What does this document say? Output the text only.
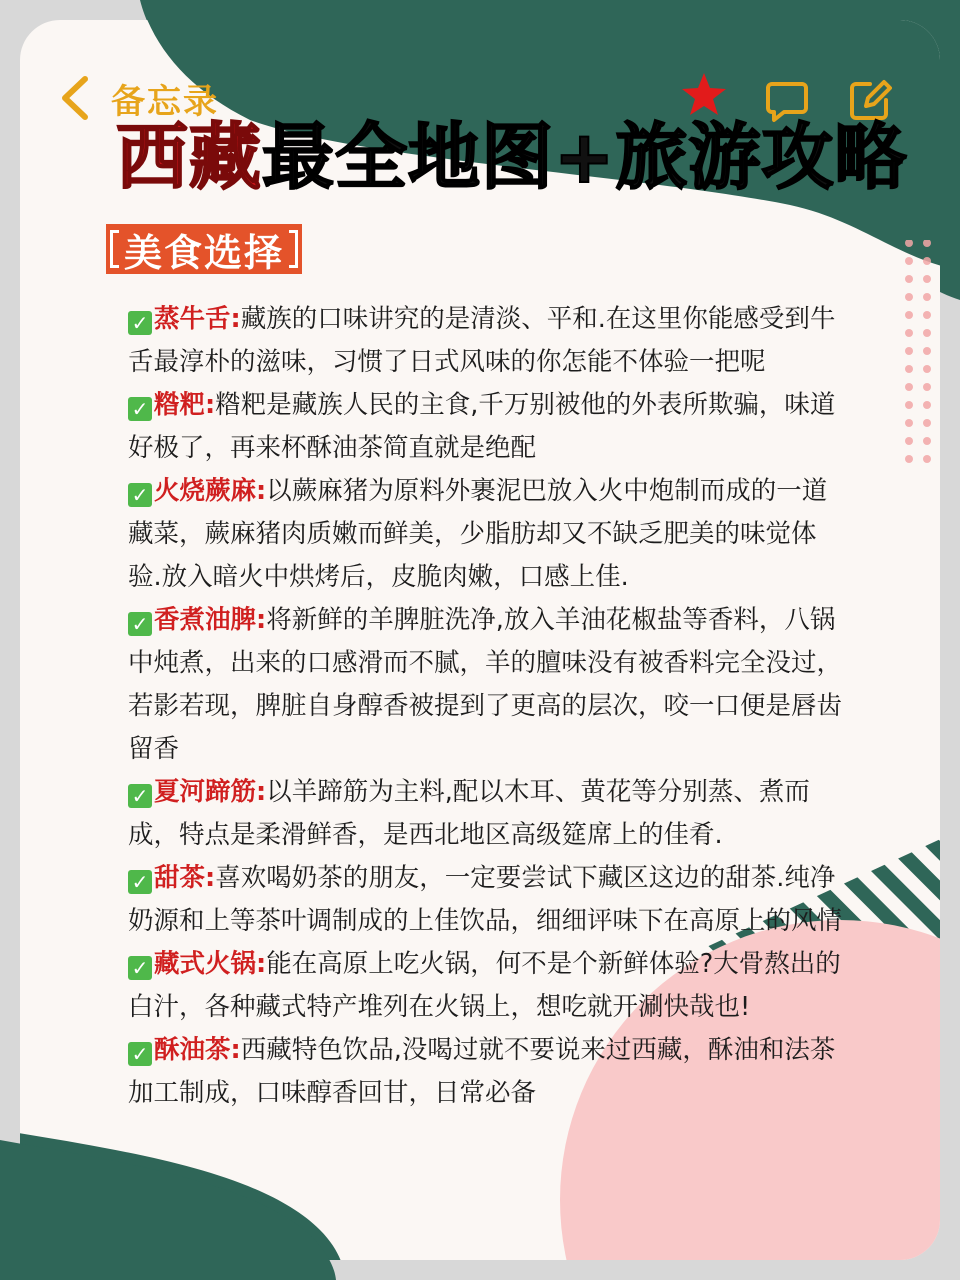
备忘录
西藏最全地图+旅游攻略
美食选择

✓ 蒸牛舌:藏族的口味讲究的是清淡、平和.在这里你能感受到牛舌最淳朴的滋味，习惯了日式风味的你怎能不体验一把呢

✓ 糌粑:糌粑是藏族人民的主食,千万别被他的外表所欺骗，味道好极了，再来杯酥油茶简直就是绝配

✓ 火烧蕨麻:以蕨麻猪为原料外裹泥巴放入火中炮制而成的一道藏菜，蕨麻猪肉质嫩而鲜美，少脂肪却又不缺乏肥美的味觉体验.放入暗火中烘烤后，皮脆肉嫩，口感上佳.

✓ 香煮油脾:将新鲜的羊脾脏洗净,放入羊油花椒盐等香料，八锅中炖煮，出来的口感滑而不腻，羊的膻味没有被香料完全没过，若影若现，脾脏自身醇香被提到了更高的层次，咬一口便是唇齿留香

✓ 夏河蹄筋:以羊蹄筋为主料,配以木耳、黄花等分别蒸、煮而成，特点是柔滑鲜香，是西北地区高级筵席上的佳肴.

✓ 甜茶:喜欢喝奶茶的朋友，一定要尝试下藏区这边的甜茶.纯净奶源和上等茶叶调制成的上佳饮品，细细评味下在高原上的风情

✓ 藏式火锅:能在高原上吃火锅，何不是个新鲜体验?大骨熬出的白汁，各种藏式特产堆列在火锅上，想吃就开涮快哉也!

✓ 酥油茶:西藏特色饮品,没喝过就不要说来过西藏，酥油和法茶加工制成，口味醇香回甘，日常必备
